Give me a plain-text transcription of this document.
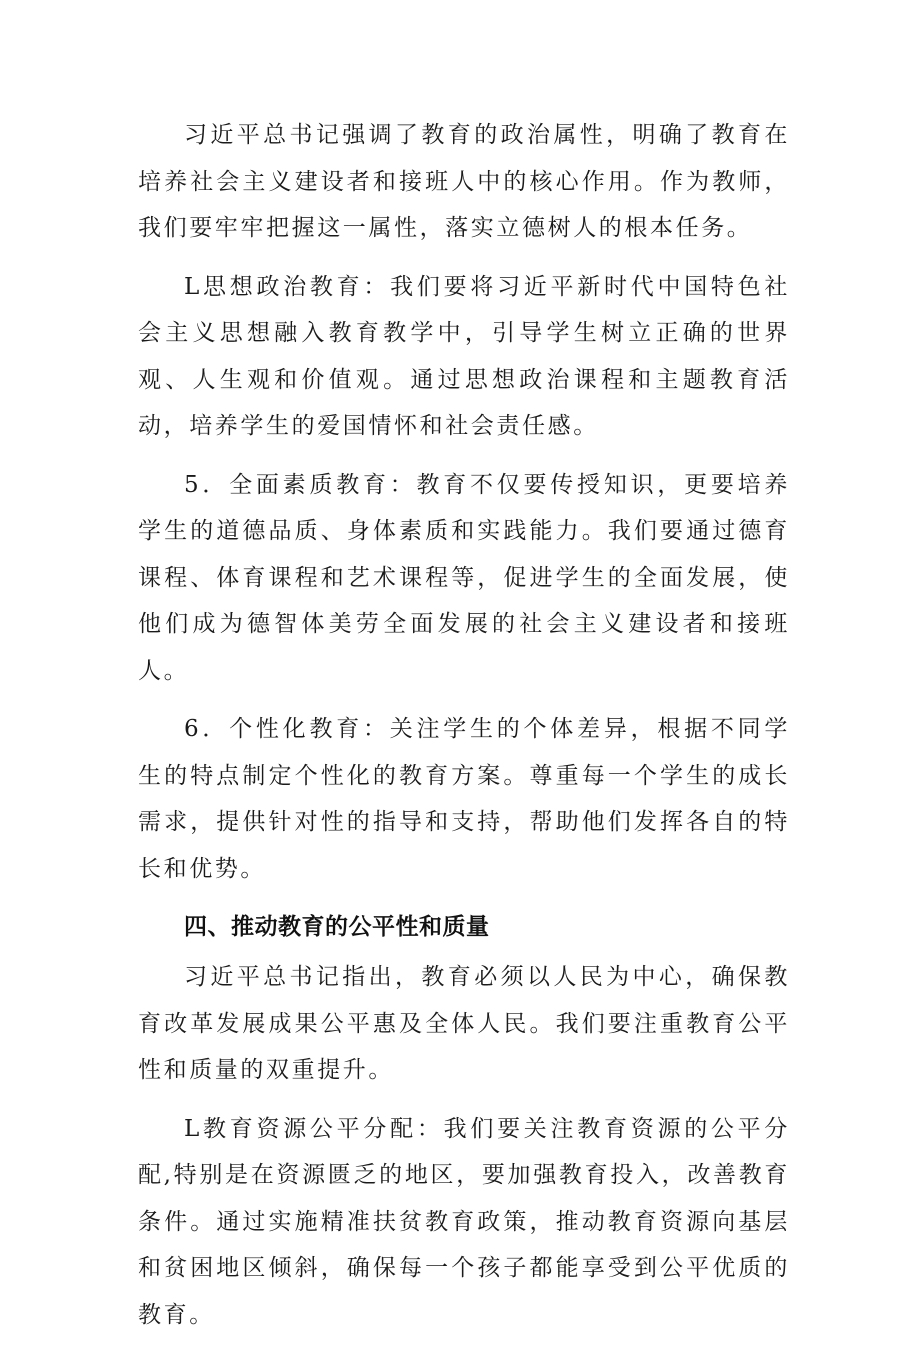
习近平总书记强调了教育的政治属性，明确了教育在培养社会主义建设者和接班人中的核心作用。作为教师，我们要牢牢把握这一属性，落实立德树人的根本任务。

L思想政治教育：我们要将习近平新时代中国特色社会主义思想融入教育教学中，引导学生树立正确的世界观、人生观和价值观。通过思想政治课程和主题教育活动，培养学生的爱国情怀和社会责任感。

5．全面素质教育：教育不仅要传授知识，更要培养学生的道德品质、身体素质和实践能力。我们要通过德育课程、体育课程和艺术课程等，促进学生的全面发展，使他们成为德智体美劳全面发展的社会主义建设者和接班人。

6．个性化教育：关注学生的个体差异，根据不同学生的特点制定个性化的教育方案。尊重每一个学生的成长需求，提供针对性的指导和支持，帮助他们发挥各自的特长和优势。

四、推动教育的公平性和质量

习近平总书记指出，教育必须以人民为中心，确保教育改革发展成果公平惠及全体人民。我们要注重教育公平性和质量的双重提升。

L教育资源公平分配：我们要关注教育资源的公平分配,特别是在资源匮乏的地区，要加强教育投入，改善教育条件。通过实施精准扶贫教育政策，推动教育资源向基层和贫困地区倾斜，确保每一个孩子都能享受到公平优质的教育。
